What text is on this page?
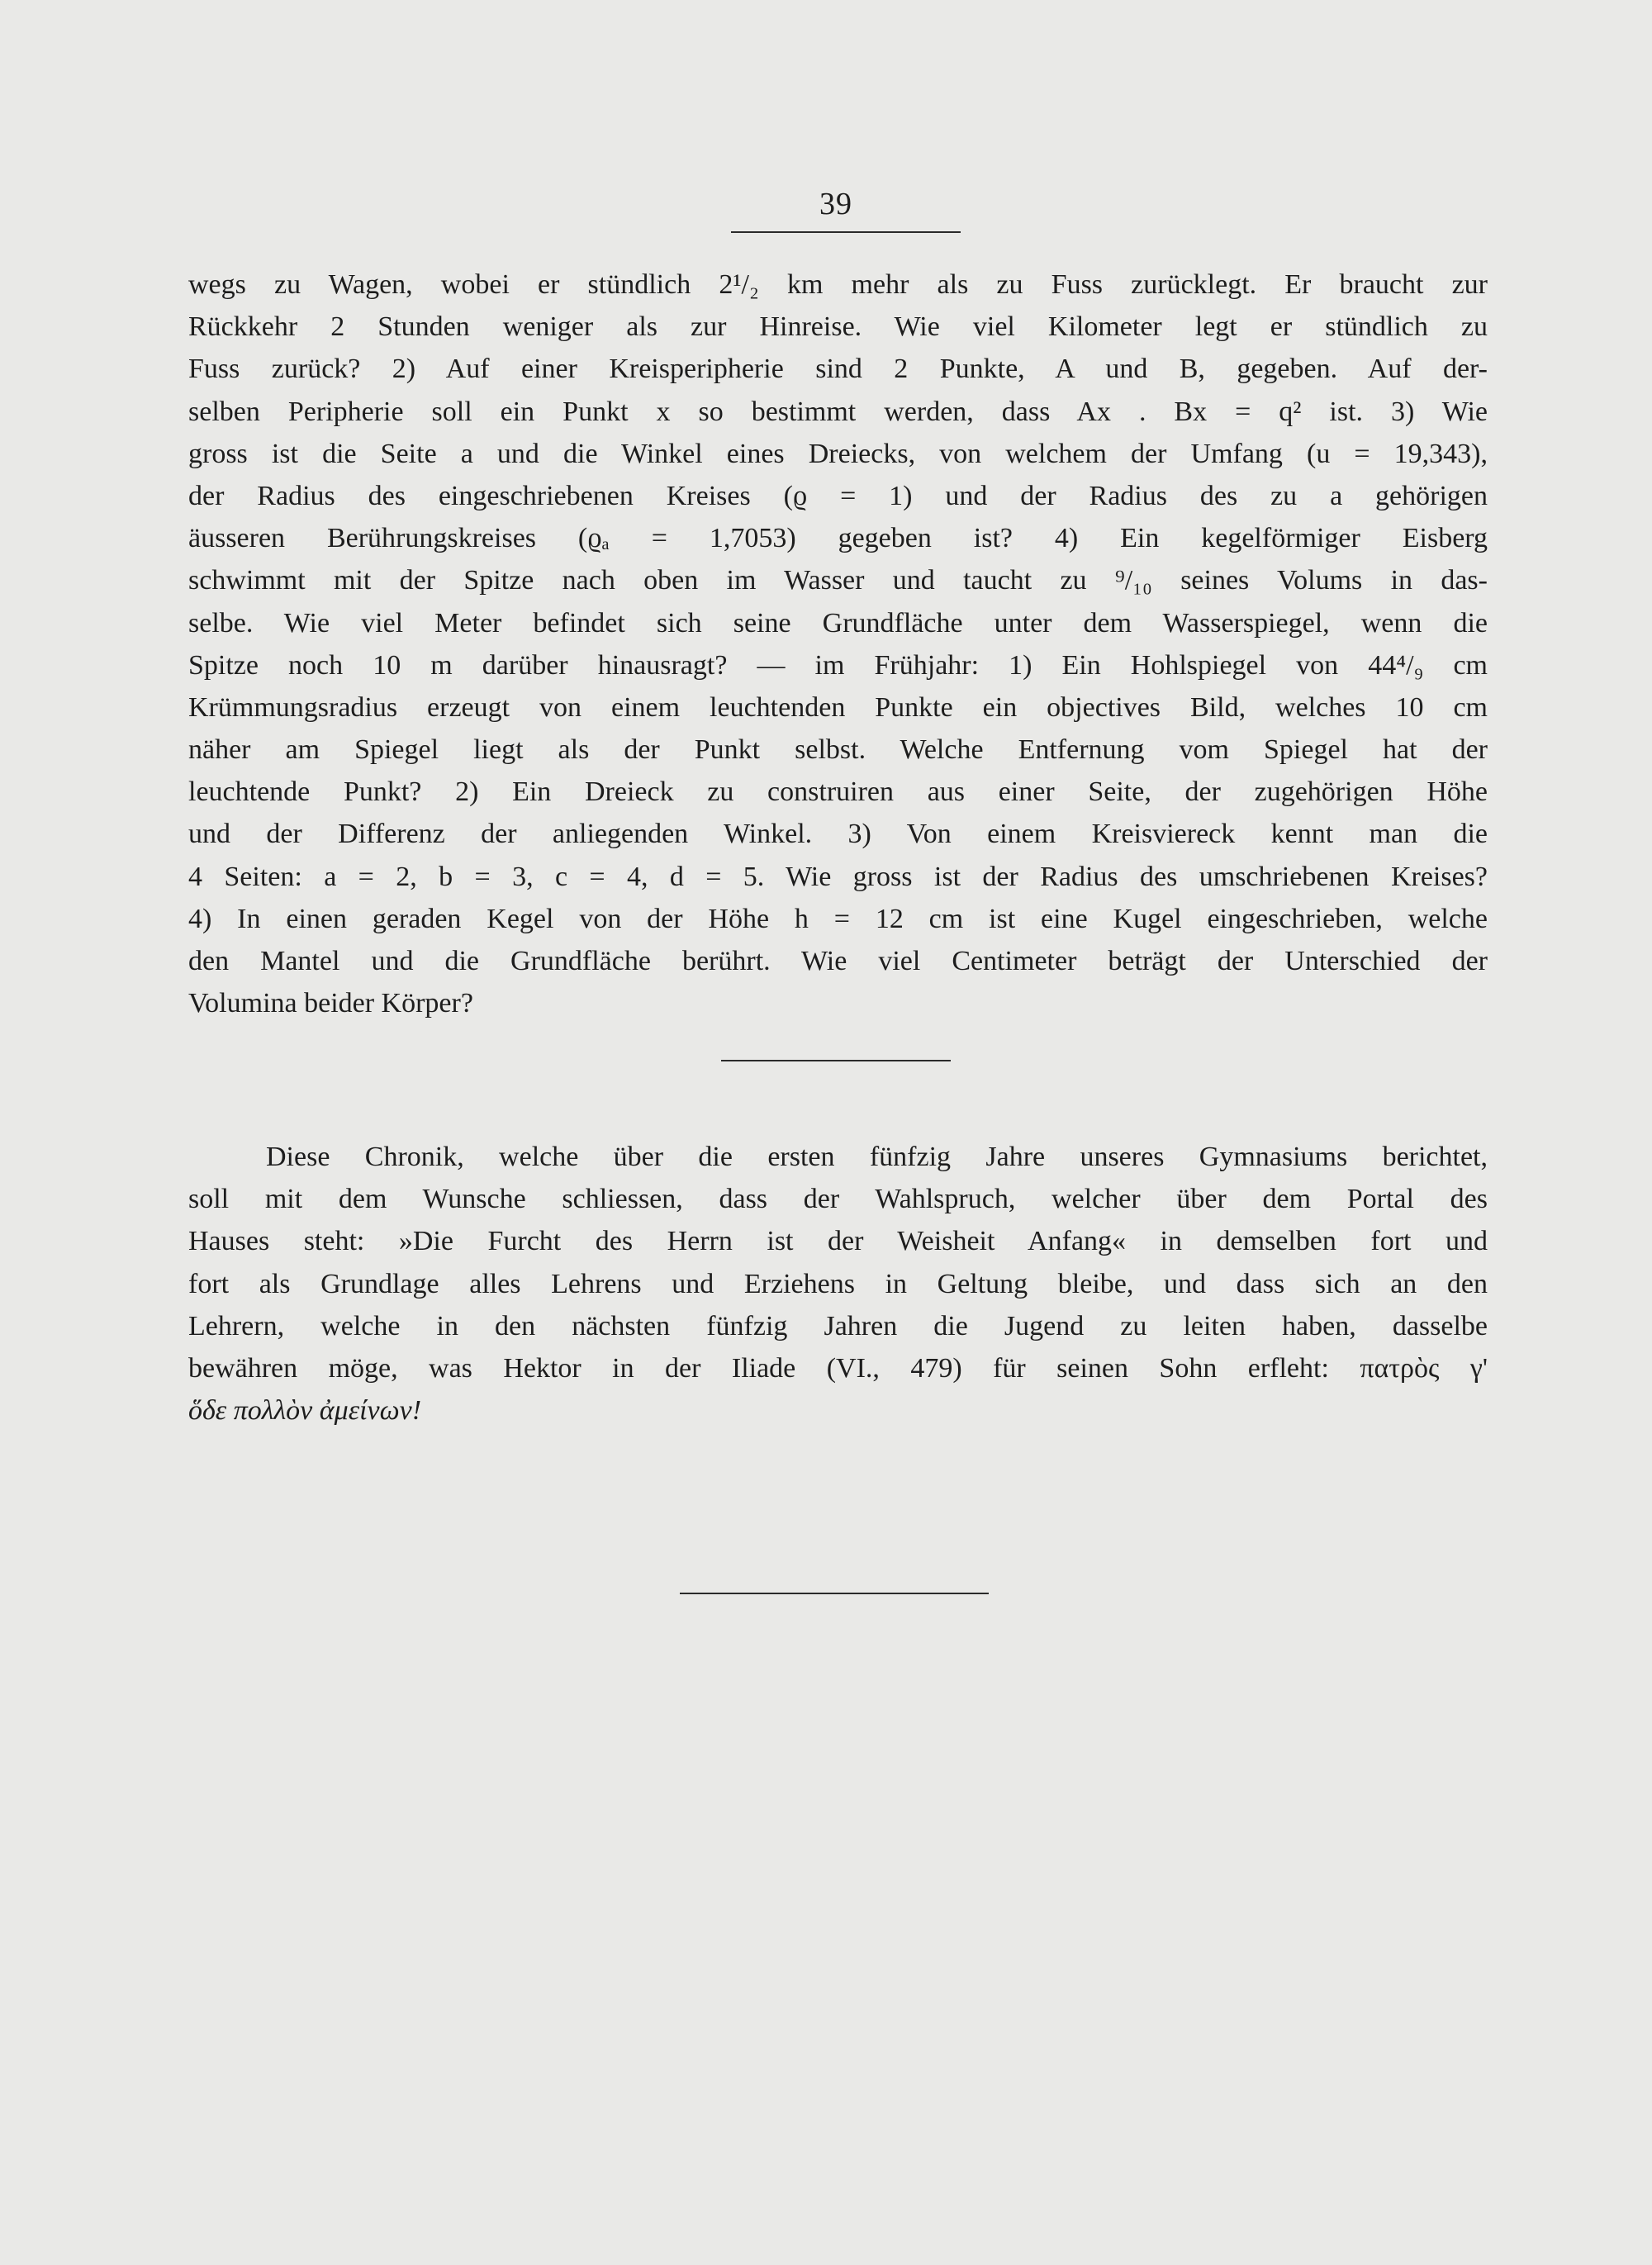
39
wegs zu Wagen, wobei er stündlich 2¹/₂ km mehr als zu Fuss zurücklegt. Er braucht zur
Rückkehr 2 Stunden weniger als zur Hinreise. Wie viel Kilometer legt er stündlich zu
Fuss zurück? 2) Auf einer Kreisperipherie sind 2 Punkte, A und B, gegeben. Auf der-
selben Peripherie soll ein Punkt x so bestimmt werden, dass Ax . Bx = q² ist. 3) Wie
gross ist die Seite a und die Winkel eines Dreiecks, von welchem der Umfang (u = 19,343),
der Radius des eingeschriebenen Kreises (ϱ = 1) und der Radius des zu a gehörigen
äusseren Berührungskreises (ϱₐ = 1,7053) gegeben ist? 4) Ein kegelförmiger Eisberg
schwimmt mit der Spitze nach oben im Wasser und taucht zu ⁹/₁₀ seines Volums in das-
selbe. Wie viel Meter befindet sich seine Grundfläche unter dem Wasserspiegel, wenn die
Spitze noch 10 m darüber hinausragt? — im Frühjahr: 1) Ein Hohlspiegel von 44⁴/₉ cm
Krümmungsradius erzeugt von einem leuchtenden Punkte ein objectives Bild, welches 10 cm
näher am Spiegel liegt als der Punkt selbst. Welche Entfernung vom Spiegel hat der
leuchtende Punkt? 2) Ein Dreieck zu construiren aus einer Seite, der zugehörigen Höhe
und der Differenz der anliegenden Winkel. 3) Von einem Kreisviereck kennt man die
4 Seiten: a = 2, b = 3, c = 4, d = 5. Wie gross ist der Radius des umschriebenen Kreises?
4) In einen geraden Kegel von der Höhe h = 12 cm ist eine Kugel eingeschrieben, welche
den Mantel und die Grundfläche berührt. Wie viel Centimeter beträgt der Unterschied der
Volumina beider Körper?
Diese Chronik, welche über die ersten fünfzig Jahre unseres Gymnasiums berichtet,
soll mit dem Wunsche schliessen, dass der Wahlspruch, welcher über dem Portal des
Hauses steht: »Die Furcht des Herrn ist der Weisheit Anfang« in demselben fort und
fort als Grundlage alles Lehrens und Erziehens in Geltung bleibe, und dass sich an den
Lehrern, welche in den nächsten fünfzig Jahren die Jugend zu leiten haben, dasselbe
bewähren möge, was Hektor in der Iliade (VI., 479) für seinen Sohn erfleht: πατρὸς γ'
ὅδε πολλὸν ἀμείνων!
